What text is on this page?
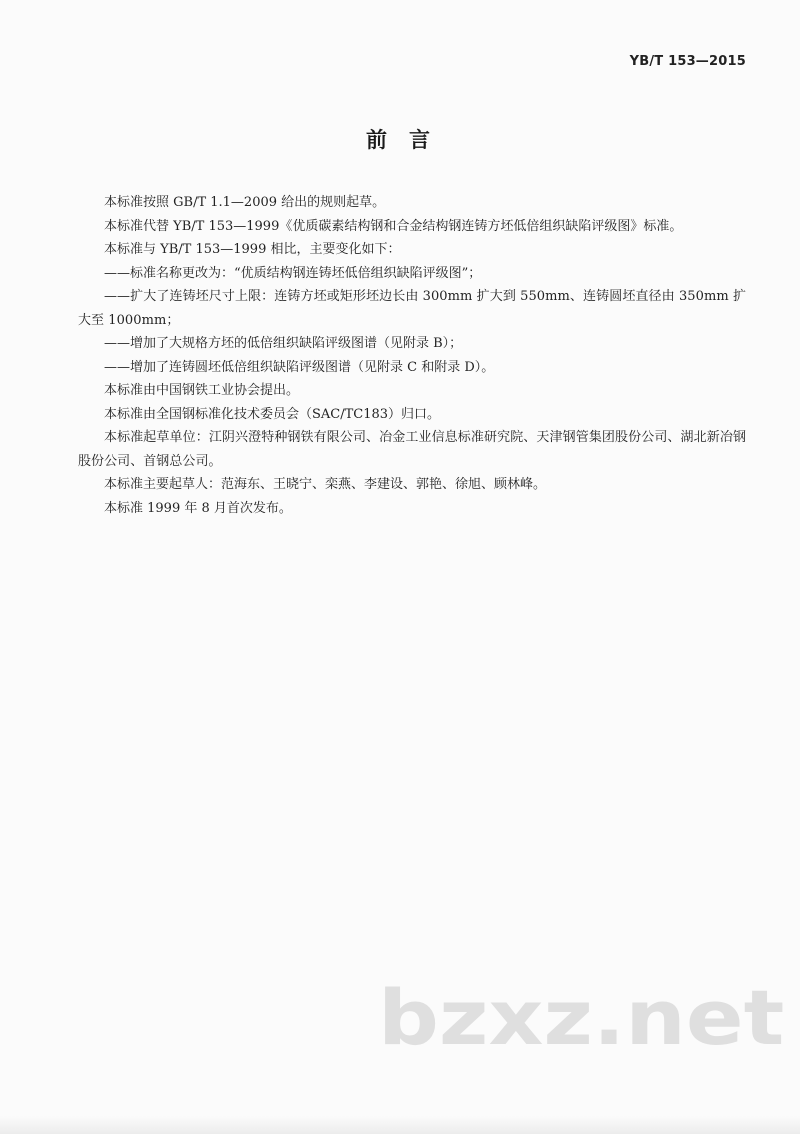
YB/T 153—2015
前言

本标准按照 GB/T 1.1—2009 给出的规则起草。

本标准代替 YB/T 153—1999《优质碳素结构钢和合金结构钢连铸方坯低倍组织缺陷评级图》标准。

本标准与 YB/T 153—1999 相比，主要变化如下：

——标准名称更改为：“优质结构钢连铸坯低倍组织缺陷评级图”；

——扩大了连铸坯尺寸上限：连铸方坯或矩形坯边长由 300mm 扩大到 550mm、连铸圆坯直径由 350mm 扩大至 1000mm；

——增加了大规格方坯的低倍组织缺陷评级图谱（见附录 B）；

——增加了连铸圆坯低倍组织缺陷评级图谱（见附录 C 和附录 D）。

本标准由中国钢铁工业协会提出。

本标准由全国钢标准化技术委员会（SAC/TC183）归口。

本标准起草单位：江阴兴澄特种钢铁有限公司、冶金工业信息标准研究院、天津钢管集团股份公司、湖北新冶钢股份公司、首钢总公司。

本标准主要起草人：范海东、王晓宁、栾燕、李建设、郭艳、徐旭、顾林峰。

本标准 1999 年 8 月首次发布。

bzxz.net
